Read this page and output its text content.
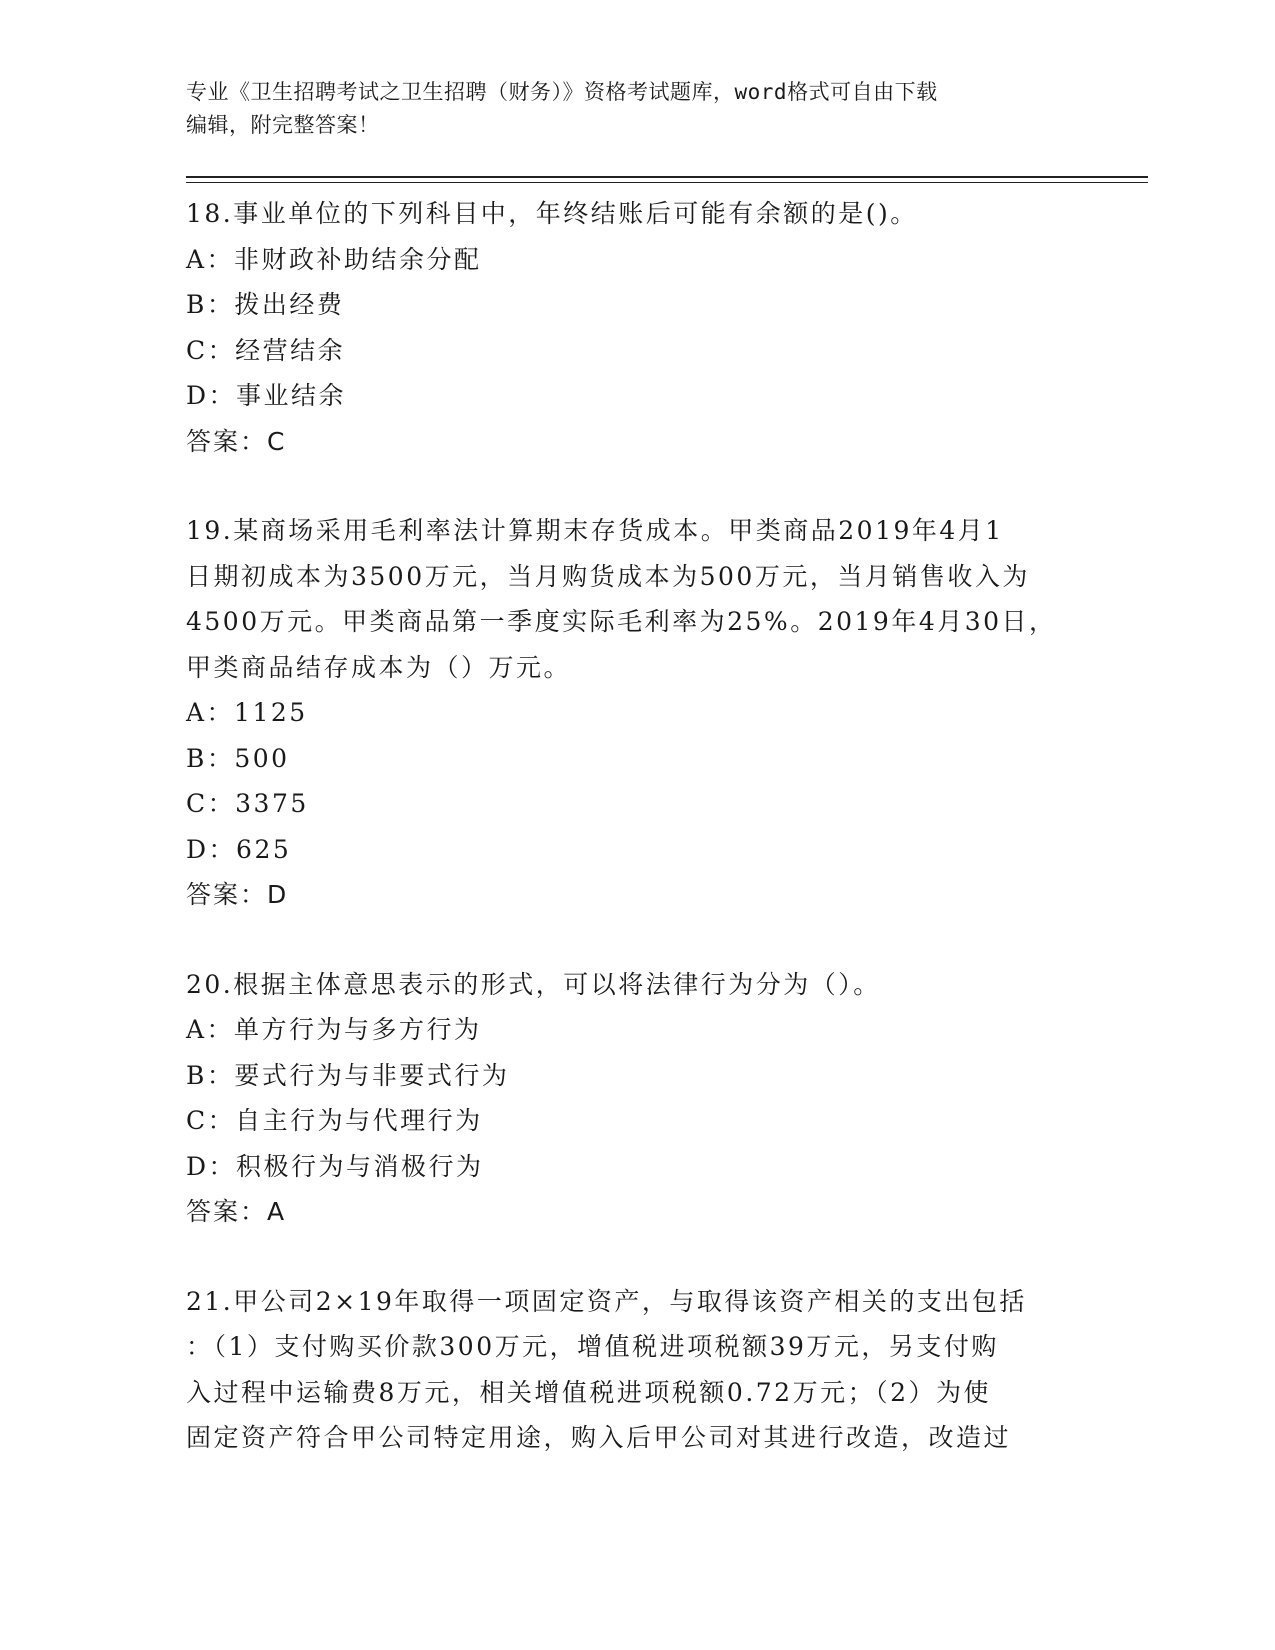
专业《卫生招聘考试之卫生招聘（财务）》资格考试题库，word格式可自由下载
编辑，附完整答案！
18.事业单位的下列科目中，年终结账后可能有余额的是()。
A：非财政补助结余分配
B：拨出经费
C：经营结余
D：事业结余
答案：C
19.某商场采用毛利率法计算期末存货成本。甲类商品2019年4月1
日期初成本为3500万元，当月购货成本为500万元，当月销售收入为
4500万元。甲类商品第一季度实际毛利率为25%。2019年4月30日，
甲类商品结存成本为（）万元。
A：1125
B：500
C：3375
D：625
答案：D
20.根据主体意思表示的形式，可以将法律行为分为（）。
A：单方行为与多方行为
B：要式行为与非要式行为
C：自主行为与代理行为
D：积极行为与消极行为
答案：A
21.甲公司2×19年取得一项固定资产，与取得该资产相关的支出包括
：（1）支付购买价款300万元，增值税进项税额39万元，另支付购
入过程中运输费8万元，相关增值税进项税额0.72万元；（2）为使
固定资产符合甲公司特定用途，购入后甲公司对其进行改造，改造过
